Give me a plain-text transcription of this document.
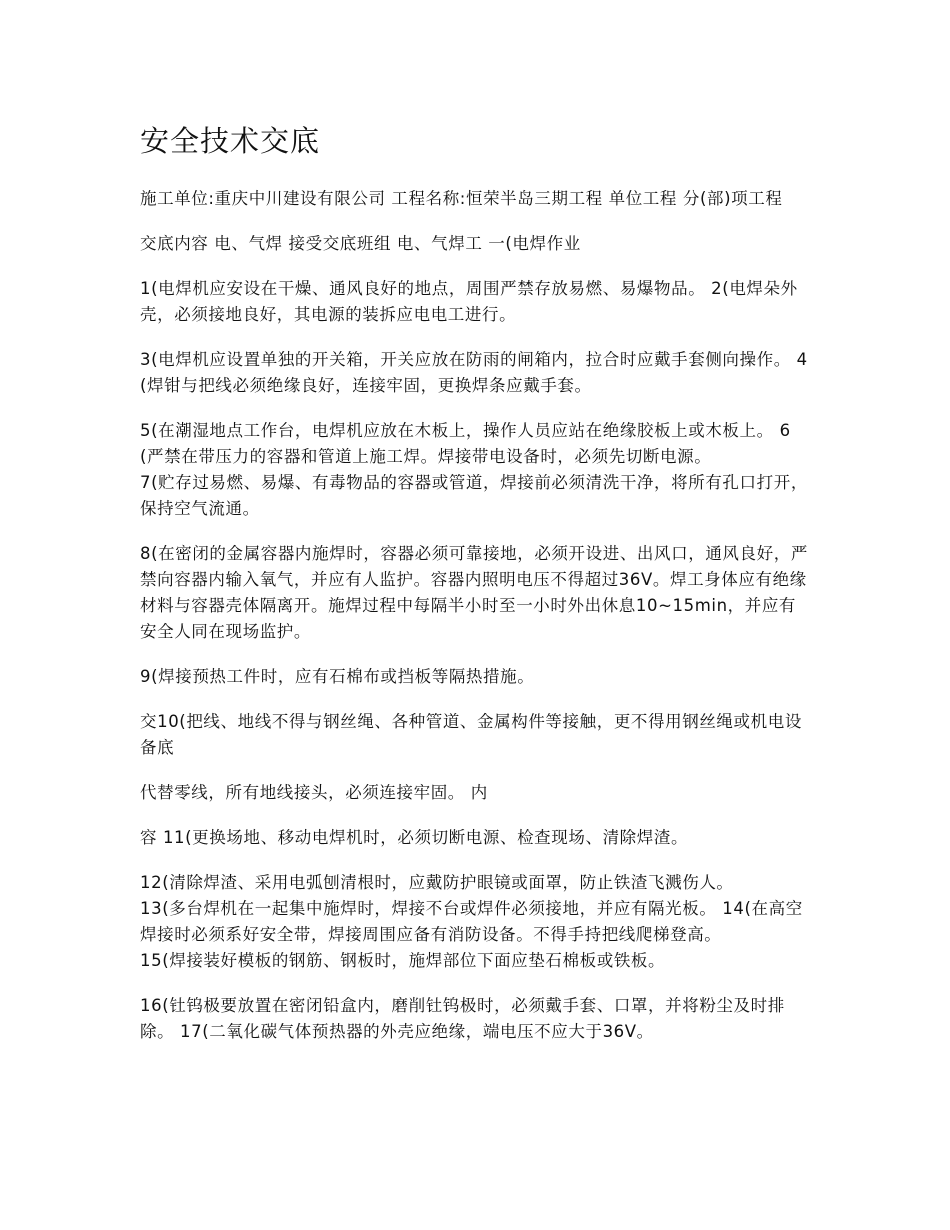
安全技术交底

施工单位:重庆中川建设有限公司 工程名称:恒荣半岛三期工程 单位工程 分(部)项工程

交底内容 电、气焊 接受交底班组 电、气焊工 一(电焊作业

1(电焊机应安设在干燥、通风良好的地点，周围严禁存放易燃、易爆物品。 2(电焊朵外壳，必须接地良好，其电源的装拆应电电工进行。

3(电焊机应设置单独的开关箱，开关应放在防雨的闸箱内，拉合时应戴手套侧向操作。 4(焊钳与把线必须绝缘良好，连接牢固，更换焊条应戴手套。

5(在潮湿地点工作台，电焊机应放在木板上，操作人员应站在绝缘胶板上或木板上。 6(严禁在带压力的容器和管道上施工焊。焊接带电设备时，必须先切断电源。

7(贮存过易燃、易爆、有毒物品的容器或管道，焊接前必须清洗干净，将所有孔口打开，保持空气流通。

8(在密闭的金属容器内施焊时，容器必须可靠接地，必须开设进、出风口，通风良好，严禁向容器内输入氧气，并应有人监护。容器内照明电压不得超过36V。焊工身体应有绝缘材料与容器壳体隔离开。施焊过程中每隔半小时至一小时外出休息10~15min，并应有安全人同在现场监护。

9(焊接预热工件时，应有石棉布或挡板等隔热措施。

交10(把线、地线不得与钢丝绳、各种管道、金属构件等接触，更不得用钢丝绳或机电设备底

代替零线，所有地线接头，必须连接牢固。 内

容 11(更换场地、移动电焊机时，必须切断电源、检查现场、清除焊渣。

12(清除焊渣、采用电弧刨清根时，应戴防护眼镜或面罩，防止铁渣飞溅伤人。

13(多台焊机在一起集中施焊时，焊接不台或焊件必须接地，并应有隔光板。 14(在高空焊接时必须系好安全带，焊接周围应备有消防设备。不得手持把线爬梯登高。

15(焊接装好模板的钢筋、钢板时，施焊部位下面应垫石棉板或铁板。

16(钍钨极要放置在密闭铅盒内，磨削钍钨极时，必须戴手套、口罩，并将粉尘及时排除。 17(二氧化碳气体预热器的外壳应绝缘，端电压不应大于36V。
